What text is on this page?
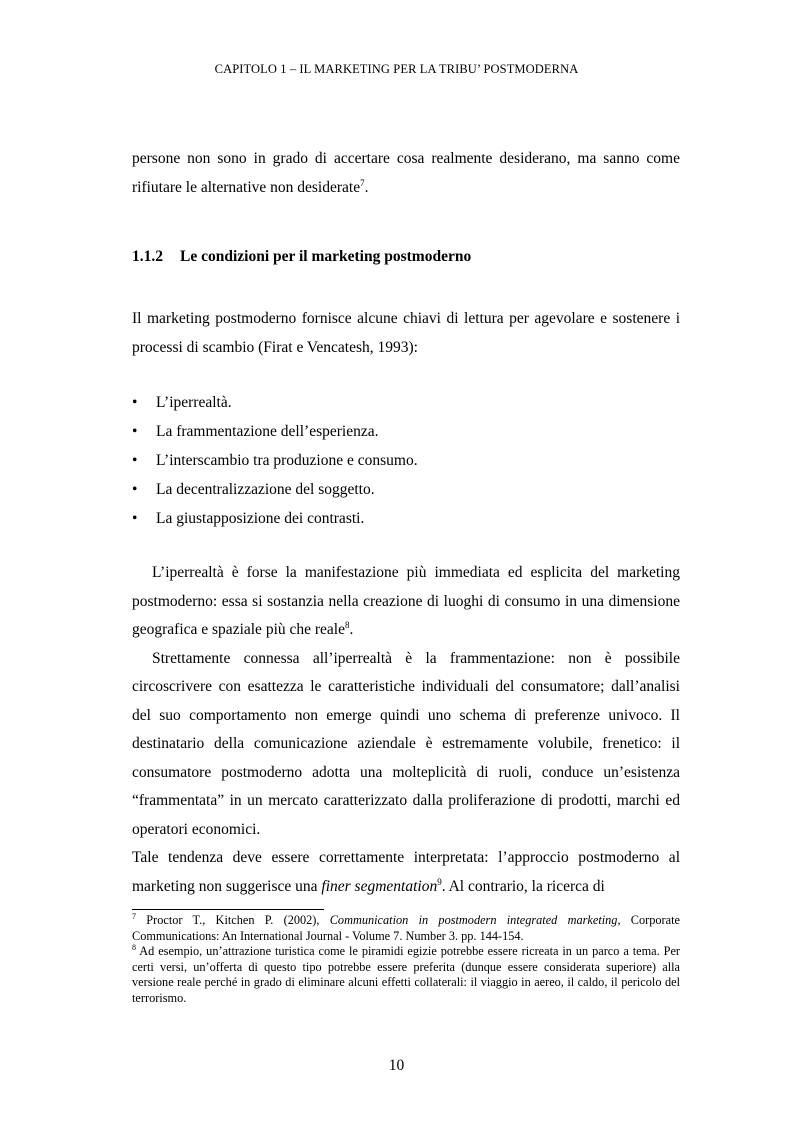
CAPITOLO 1 – IL MARKETING PER LA TRIBU’ POSTMODERNA

persone non sono in grado di accertare cosa realmente desiderano, ma sanno come rifiutare le alternative non desiderate$^7$.

1.1.2 Le condizioni per il marketing postmoderno

Il marketing postmoderno fornisce alcune chiavi di lettura per agevolare e sostenere i processi di scambio (Firat e Vencatesh, 1993):

• L’iperrealtà.
• La frammentazione dell’esperienza.
• L’interscambio tra produzione e consumo.
• La decentralizzazione del soggetto.
• La giustapposizione dei contrasti.

L’iperrealtà è forse la manifestazione più immediata ed esplicita del marketing postmoderno: essa si sostanzia nella creazione di luoghi di consumo in una dimensione geografica e spaziale più che reale$^8$.

Strettamente connessa all’iperrealtà è la frammentazione: non è possibile circoscrivere con esattezza le caratteristiche individuali del consumatore; dall’analisi del suo comportamento non emerge quindi uno schema di preferenze univoco. Il destinatario della comunicazione aziendale è estremamente volubile, frenetico: il consumatore postmoderno adotta una molteplicità di ruoli, conduce un’esistenza “frammentata” in un mercato caratterizzato dalla proliferazione di prodotti, marchi ed operatori economici.

Tale tendenza deve essere correttamente interpretata: l’approccio postmoderno al marketing non suggerisce una finer segmentation$^9$. Al contrario, la ricerca di

$^7$ Proctor T., Kitchen P. (2002), Communication in postmodern integrated marketing, Corporate Communications: An International Journal - Volume 7. Number 3. pp. 144-154.

$^8$ Ad esempio, un’attrazione turistica come le piramidi egizie potrebbe essere ricreata in un parco a tema. Per certi versi, un’offerta di questo tipo potrebbe essere preferita (dunque essere considerata superiore) alla versione reale perché in grado di eliminare alcuni effetti collaterali: il viaggio in aereo, il caldo, il pericolo del terrorismo.

10
